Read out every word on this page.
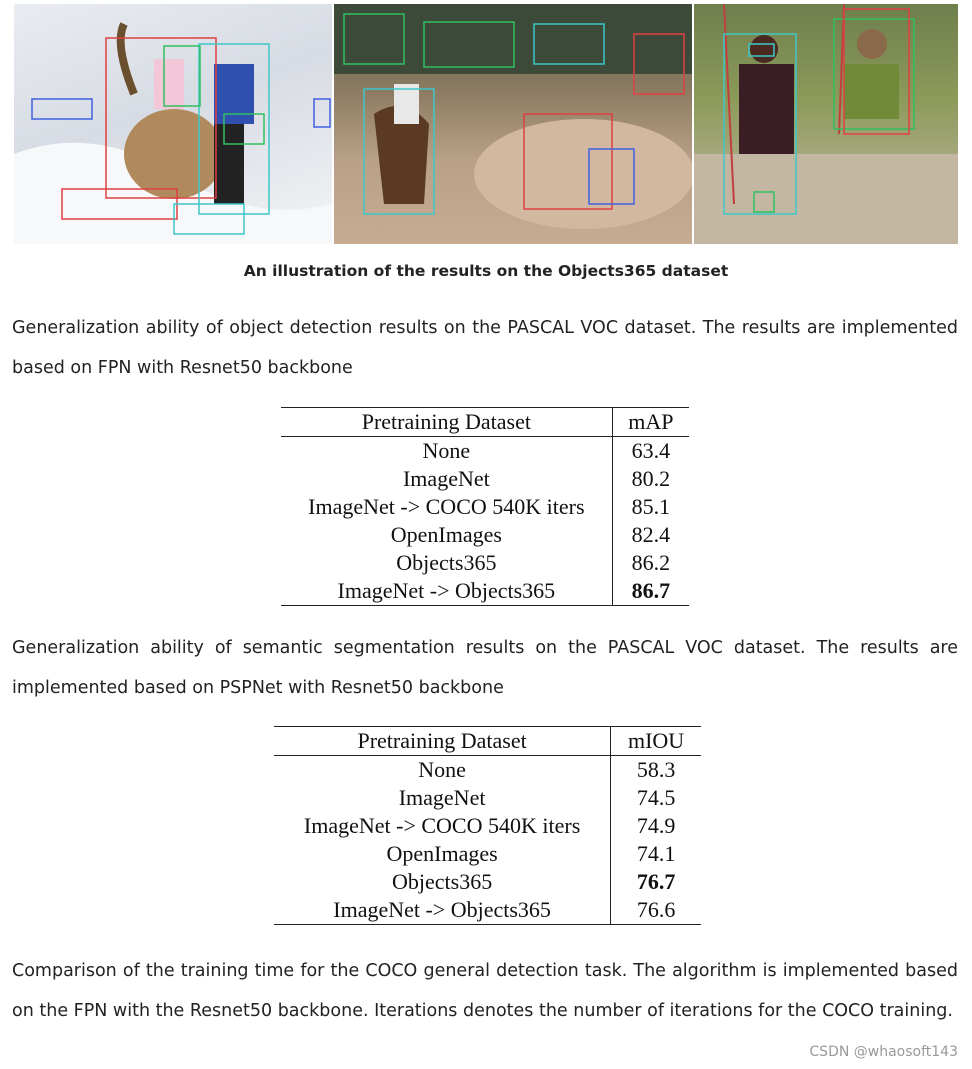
An illustration of the results on the Objects365 dataset

Generalization ability of object detection results on the PASCAL VOC dataset. The results are implemented based on FPN with Resnet50 backbone

Pretraining Dataset	mAP
None	63.4
ImageNet	80.2
ImageNet -> COCO 540K iters	85.1
OpenImages	82.4
Objects365	86.2
ImageNet -> Objects365	86.7

Generalization ability of semantic segmentation results on the PASCAL VOC dataset. The results are implemented based on PSPNet with Resnet50 backbone

Pretraining Dataset	mIOU
None	58.3
ImageNet	74.5
ImageNet -> COCO 540K iters	74.9
OpenImages	74.1
Objects365	76.7
ImageNet -> Objects365	76.6

Comparison of the training time for the COCO general detection task. The algorithm is implemented based on the FPN with the Resnet50 backbone. Iterations denotes the number of iterations for the COCO training.

CSDN @whaosoft143
